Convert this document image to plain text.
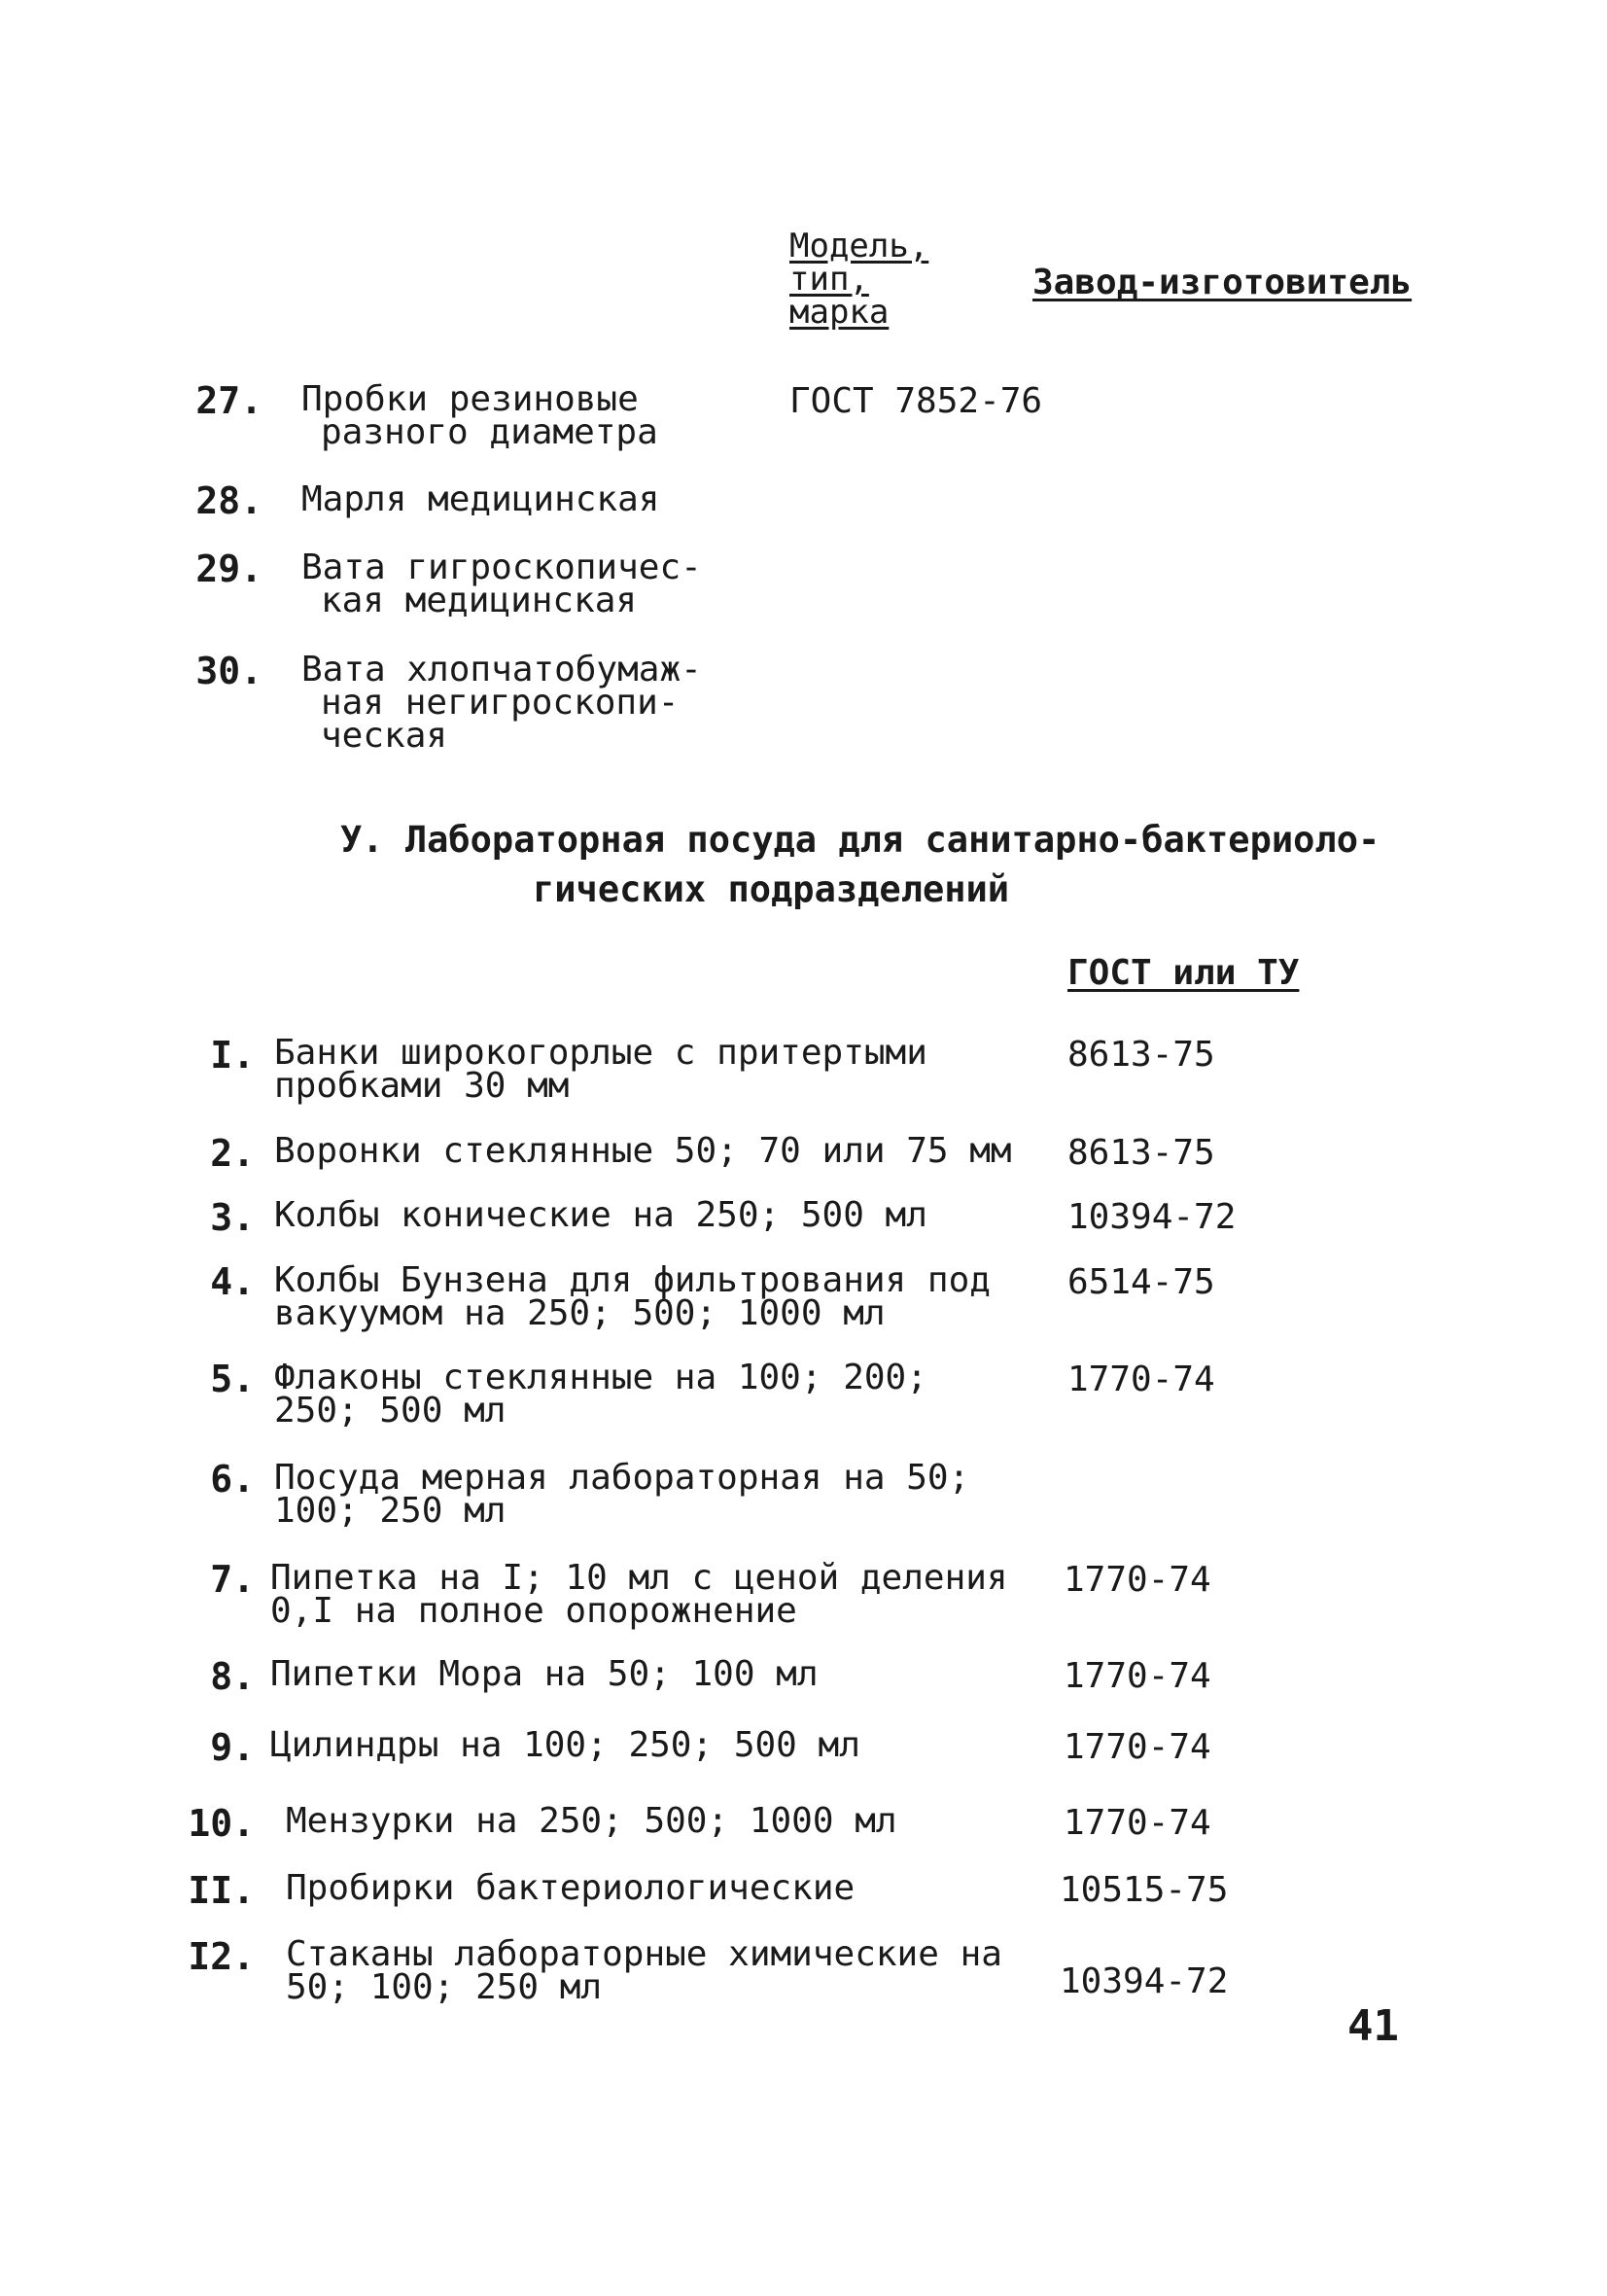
Модель,
тип,
марка
Завод-изготовитель
27. Пробки резиновые
разного диаметра
ГОСТ 7852-76
28. Марля медицинская
29. Вата гигроскопичес-
кая медицинская
30. Вата хлопчатобумаж-
ная негигроскопи-
ческая
У. Лабораторная посуда для санитарно-бактериоло-
гических подразделений
ГОСТ или ТУ
I. Банки широкогорлые с притертыми
пробками 30 мм
8613-75
2. Воронки стеклянные 50; 70 или 75 мм 8613-75
3. Колбы конические на 250; 500 мл	10394-72
4. Колбы Бунзена для фильтрования под
вакуумом на 250; 500; 1000 мл
6514-75
5. Флаконы стеклянные на 100; 200;
250; 500 мл
1770-74
6. Посуда мерная лабораторная на 50;
100; 250 мл
7. Пипетка на I; 10 мл с ценой деления
0,I на полное опорожнение
1770-74
8. Пипетки Мора на 50; 100 мл	1770-74
9. Цилиндры на 100; 250; 500 мл	1770-74
10. Мензурки на 250; 500; 1000 мл	1770-74
II. Пробирки бактериологические	10515-75
I2. Стаканы лабораторные химические на
50; 100; 250 мл	10394-72
41
